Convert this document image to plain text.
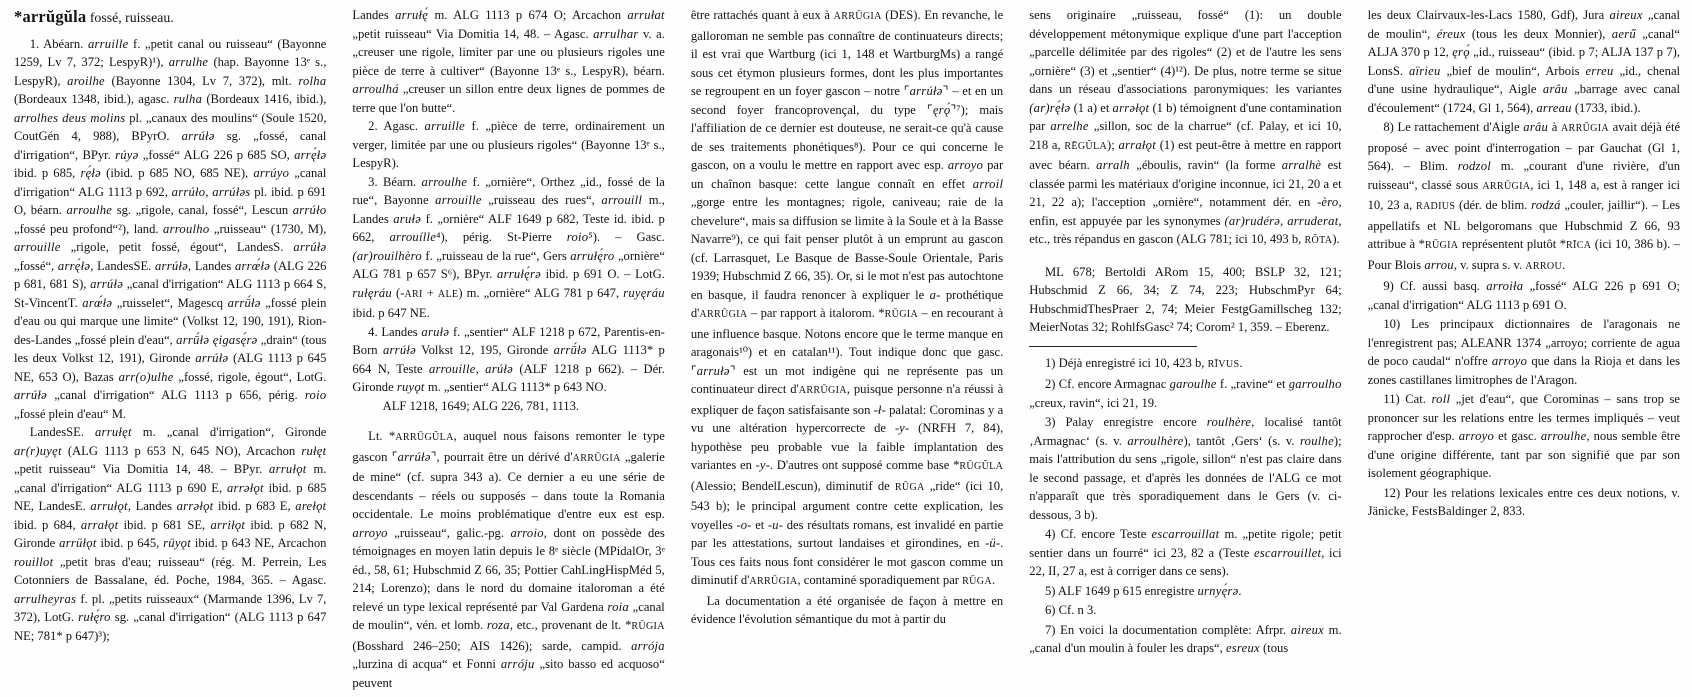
*arrŭgŭla fossé, ruisseau.

1. Abéarn. arruille f. „petit canal ou ruisseau“ (Bayonne 1259, Lv 7, 372; LespyR)¹), arrulhe (hap. Bayonne 13ᵉ s., LespyR), aroilhe (Bayonne 1304, Lv 7, 372), mlt. rolha (Bordeaux 1348, ibid.), agasc. rulha (Bordeaux 1416, ibid.), arrolhes deus molins pl. „canaux des moulins“ (Soule 1520, CoutGén 4, 988), BPyrO. arrúłə sg. „fossé, canal d'irrigation“, BPyr. rúyə „fossé“ ALG 226 p 685 SO, arrę́łə ibid. p 685, rę́łə (ibid. p 685 NO, 685 NE), arrúyo „canal d'irrigation“ ALG 1113 p 692, arrúło, arrúłəs pl. ibid. p 691 O, béarn. arroulhe sg. „rigole, canal, fossé“, Lescun arrúło „fossé peu profond“²), land. arroulho „ruisseau“ (1730, M), arrouille „rigole, petit fossé, égout“, LandesS. arrúłə „fossé“, arrę́łə, LandesSE. arrúłə, Landes arrœ́łə (ALG 226 p 681, 681 S), arrúłə „canal d'irrigation“ ALG 1113 p 664 S, St-VincentT. arœ́łə „ruisselet“, Magescq arrū́łə „fossé plein d'eau ou qui marque une limite“ (Volkst 12, 190, 191), Rion-des-Landes „fossé plein d'eau“, arrū́łə ęigasę́rə „drain“ (tous les deux Volkst 12, 191), Gironde arrúłə (ALG 1113 p 645 NE, 653 O), Bazas arr(o)ulhe „fossé, rigole, égout“, LotG. arrúłə „canal d'irrigation“ ALG 1113 p 656, périg. roio „fossé plein d'eau“ M.

LandesSE. arrułęt m. „canal d'irrigation“, Gironde ar(r)uyęt (ALG 1113 p 653 N, 645 NO), Arcachon rułęt „petit ruisseau“ Via Domitia 14, 48. – BPyr. arrułǫt m. „canal d'irrigation“ ALG 1113 p 690 E, arrəłǫt ibid. p 685 NE, LandesE. arrułǫt, Landes arrəłǫt ibid. p 683 E, arełǫt ibid. p 684, arrałǫt ibid. p 681 SE, arriłǫt ibid. p 682 N, Gironde arrüłǫt ibid. p 645, rüyǫt ibid. p 643 NE, Arcachon rouillot „petit bras d'eau; ruisseau“ (rég. M. Perrein, Les Cotonniers de Bassalane, éd. Poche, 1984, 365. – Agasc. arrulheyras f. pl. „petits ruisseaux“ (Marmande 1396, Lv 7, 372), LotG. rułę́ro sg. „canal d'irrigation“ (ALG 1113 p 647 NE; 781* p 647)³);

Landes arrułę́ m. ALG 1113 p 674 O; Arcachon arrułat „petit ruisseau“ Via Domitia 14, 48. – Agasc. arrulhar v. a. „creuser une rigole, limiter par une ou plusieurs rigoles une pièce de terre à cultiver“ (Bayonne 13ᵉ s., LespyR), béarn. arroulhá „creuser un sillon entre deux lignes de pommes de terre que l'on butte“.

2. Agasc. arruille f. „pièce de terre, ordinairement un verger, limitée par une ou plusieurs rigoles“ (Bayonne 13ᵉ s., LespyR).

3. Béarn. arroulhe f. „ornière“, Orthez „id., fossé de la rue“, Bayonne arrouille „ruisseau des rues“, arrouill m., Landes arułə f. „ornière“ ALF 1649 p 682, Teste id. ibid. p 662, arrouílle⁴), périg. St-Pierre roio⁵). – Gasc. (ar)rouilhèro f. „ruisseau de la rue“, Gers arrułę́ro „ornière“ ALG 781 p 657 S⁶), BPyr. arrułę́rə ibid. p 691 O. – LotG. rułęráu (-ARI + ALE) m. „ornière“ ALG 781 p 647, ruyęráu ibid. p 647 NE.

4. Landes arułə f. „sentier“ ALF 1218 p 672, Parentis-en-Born arrúłə Volkst 12, 195, Gironde arrū́łə ALG 1113* p 664 N, Teste arrouille, arúłə (ALF 1218 p 662). – Dér. Gironde ruyǫt m. „sentier“ ALG 1113* p 643 NO.

ALF 1218, 1649; ALG 226, 781, 1113.

Lt. *ARRŪGŬLA, auquel nous faisons remonter le type gascon ⌜arrúłə⌝, pourrait être un dérivé d'ARRŪGIA „galerie de mine“ (cf. supra 343 a). Ce dernier a eu une série de descendants – réels ou supposés – dans toute la Romania occidentale. Le moins problématique d'entre eux est esp. arroyo „ruisseau“, galic.-pg. arroio, dont on possède des témoignages en moyen latin depuis le 8ᵉ siècle (MPidalOr, 3ᵉ éd., 58, 61; Hubschmid Z 66, 35; Pottier CahLingHispMéd 5, 214; Lorenzo); dans le nord du domaine italoroman a été relevé un type lexical représenté par Val Gardena roia „canal de moulin“, vén. et lomb. roza, etc., provenant de lt. *RŪGIA (Bosshard 246–250; AIS 1426); sarde, campid. arrója „lurzina di acqua“ et Fonni arróju „sito basso ed acquoso“ peuvent

être rattachés quant à eux à ARRŪGIA (DES). En revanche, le galloroman ne semble pas connaître de continuateurs directs; il est vrai que Wartburg (ici 1, 148 et WartburgMs) a rangé sous cet étymon plusieurs formes, dont les plus importantes se regroupent en un foyer gascon – notre ⌜arrúłə⌝ – et en un second foyer francoprovençal, du type ⌜ęrǫ́⌝⁷); mais l'affiliation de ce dernier est douteuse, ne serait-ce qu'à cause de ses traitements phonétiques⁸). Pour ce qui concerne le gascon, on a voulu le mettre en rapport avec esp. arroyo par un chaînon basque: cette langue connaît en effet arroil „gorge entre les montagnes; rigole, caniveau; raie de la chevelure“, mais sa diffusion se limite à la Soule et à la Basse Navarre⁹), ce qui fait penser plutôt à un emprunt au gascon (cf. Larrasquet, Le Basque de Basse-Soule Orientale, Paris 1939; Hubschmid Z 66, 35). Or, si le mot n'est pas autochtone en basque, il faudra renoncer à expliquer le a- prothétique d'ARRŪGIA – par rapport à italorom. *RŪGIA – en recourant à une influence basque. Notons encore que le terme manque en aragonais¹⁰) et en catalan¹¹). Tout indique donc que gasc. ⌜arrułə⌝ est un mot indigène qui ne représente pas un continuateur direct d'ARRŪGIA, puisque personne n'a réussi à expliquer de façon satisfaisante son -ł- palatal: Corominas y a vu une altération hypercorrecte de -y- (NRFH 7, 84), hypothèse peu probable vue la faible implantation des variantes en -y-. D'autres ont supposé comme base *RŪGŬLA (Alessio; BendelLescun), diminutif de RŪGA „ride“ (ici 10, 543 b); le principal argument contre cette explication, les voyelles -o- et -u- des résultats romans, est invalidé en partie par les attestations, surtout landaises et girondines, en -ü-. Tous ces faits nous font considérer le mot gascon comme un diminutif d'ARRŪGIA, contaminé sporadiquement par RŪGA.

La documentation a été organisée de façon à mettre en évidence l'évolution sémantique du mot à partir du

sens originaire „ruisseau, fossé“ (1): un double développement métonymique explique d'une part l'acception „parcelle délimitée par des rigoles“ (2) et de l'autre les sens „ornière“ (3) et „sentier“ (4)¹²). De plus, notre terme se situe dans un réseau d'associations paronymiques: les variantes (ar)rę́łə (1 a) et arrəłǫt (1 b) témoignent d'une contamination par arrelhe „sillon, soc de la charrue“ (cf. Palay, et ici 10, 218 a, RĒGŬLA); arrałǫt (1) est peut-être à mettre en rapport avec béarn. arralh „éboulis, ravin“ (la forme arralhè est classée parmi les matériaux d'origine inconnue, ici 21, 20 a et 21, 22 a); l'acception „ornière“, notamment dér. en -èro, enfin, est appuyée par les synonymes (ar)rudérə, arruderat, etc., très répandus en gascon (ALG 781; ici 10, 493 b, RŎTA).

ML 678; Bertoldi ARom 15, 400; BSLP 32, 121; Hubschmid Z 66, 34; Z 74, 223; HubschmPyr 64; HubschmidThesPraer 2, 74; Meier FestgGamillscheg 132; MeierNotas 32; RohlfsGasc² 74; Corom² 1, 359. – Eberenz.

1) Déjà enregistré ici 10, 423 b, RĪVUS.

2) Cf. encore Armagnac garoulhe f. „ravine“ et garroulho „creux, ravin“, ici 21, 19.

3) Palay enregistre encore roulhère, localisé tantôt ‚Armagnac‘ (s. v. arroulhère), tantôt ‚Gers‘ (s. v. roulhe); mais l'attribution du sens „rigole, sillon“ n'est pas claire dans le second passage, et d'après les données de l'ALG ce mot n'apparaît que très sporadiquement dans le Gers (v. ci-dessous, 3 b).

4) Cf. encore Teste escarrouillat m. „petite rigole; petit sentier dans un fourré“ ici 23, 82 a (Teste escarrouillet, ici 22, II, 27 a, est à corriger dans ce sens).

5) ALF 1649 p 615 enregistre urnyę́rə.

6) Cf. n 3.

7) En voici la documentation complète: Afrpr. aireux m. „canal d'un moulin à fouler les draps“, esreux (tous

les deux Clairvaux-les-Lacs 1580, Gdf), Jura aireux „canal de moulin“, éreux (tous les deux Monnier), aerű „canal“ ALJA 370 p 12, ęrǫ́ „id., ruisseau“ (ibid. p 7; ALJA 137 p 7), LonsS. aïrieu „bief de moulin“, Arbois erreu „id., chenal d'une usine hydraulique“, Aigle arâu „barrage avec canal d'écoulement“ (1724, Gl 1, 564), arreau (1733, ibid.).

8) Le rattachement d'Aigle arâu à ARRŪGIA avait déjà été proposé – avec point d'interrogation – par Gauchat (Gl 1, 564). – Blim. rodzol m. „courant d'une rivière, d'un ruisseau“, classé sous ARRŪGIA, ici 1, 148 a, est à ranger ici 10, 23 a, RADIUS (dér. de blim. rodzá „couler, jaillir“). – Les appellatifs et NL belgoromans que Hubschmid Z 66, 93 attribue à *RŪGIA représentent plutôt *RĪCA (ici 10, 386 b). – Pour Blois arrou, v. supra s. v. ARROU.

9) Cf. aussi basq. arroiła „fossé“ ALG 226 p 691 O; „canal d'irrigation“ ALG 1113 p 691 O.

10) Les principaux dictionnaires de l'aragonais ne l'enregistrent pas; ALEANR 1374 „arroyo; corriente de agua de poco caudal“ n'offre arroyo que dans la Rioja et dans les zones castillanes limitrophes de l'Aragon.

11) Cat. roll „jet d'eau“, que Corominas – sans trop se prononcer sur les relations entre les termes impliqués – veut rapprocher d'esp. arroyo et gasc. arroulhe, nous semble être d'une origine différente, tant par son signifié que par son isolement géographique.

12) Pour les relations lexicales entre ces deux notions, v. Jänicke, FestsBaldinger 2, 833.
